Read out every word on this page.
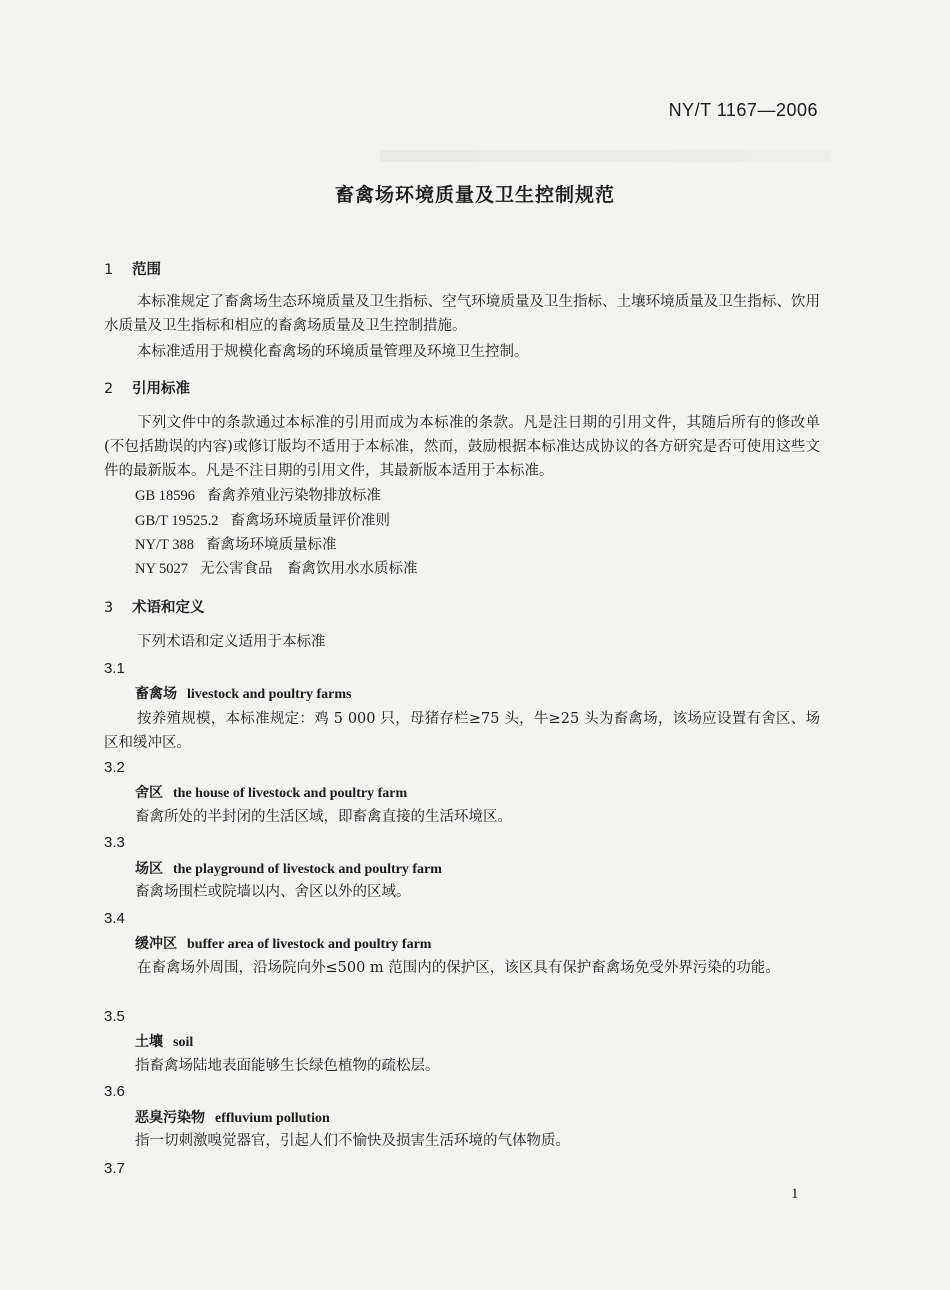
NY/T 1167—2006
畜禽场环境质量及卫生控制规范
1 范围
本标准规定了畜禽场生态环境质量及卫生指标、空气环境质量及卫生指标、土壤环境质量及卫生指标、饮用水质量及卫生指标和相应的畜禽场质量及卫生控制措施。
本标准适用于规模化畜禽场的环境质量管理及环境卫生控制。
2 引用标准
下列文件中的条款通过本标准的引用而成为本标准的条款。凡是注日期的引用文件，其随后所有的修改单(不包括勘误的内容)或修订版均不适用于本标准，然而，鼓励根据本标准达成协议的各方研究是否可使用这些文件的最新版本。凡是不注日期的引用文件，其最新版本适用于本标准。
GB 18596 畜禽养殖业污染物排放标准
GB/T 19525.2 畜禽场环境质量评价准则
NY/T 388 畜禽场环境质量标准
NY 5027 无公害食品　畜禽饮用水水质标准
3 术语和定义
下列术语和定义适用于本标准
3.1
畜禽场 livestock and poultry farms
按养殖规模，本标准规定：鸡 5 000 只，母猪存栏≥75 头，牛≥25 头为畜禽场，该场应设置有舍区、场区和缓冲区。
3.2
舍区 the house of livestock and poultry farm
畜禽所处的半封闭的生活区域，即畜禽直接的生活环境区。
3.3
场区 the playground of livestock and poultry farm
畜禽场围栏或院墙以内、舍区以外的区域。
3.4
缓冲区 buffer area of livestock and poultry farm
在畜禽场外周围，沿场院向外≤500 m 范围内的保护区，该区具有保护畜禽场免受外界污染的功能。
3.5
土壤 soil
指畜禽场陆地表面能够生长绿色植物的疏松层。
3.6
恶臭污染物 effluvium pollution
指一切刺激嗅觉器官，引起人们不愉快及损害生活环境的气体物质。
3.7
1
